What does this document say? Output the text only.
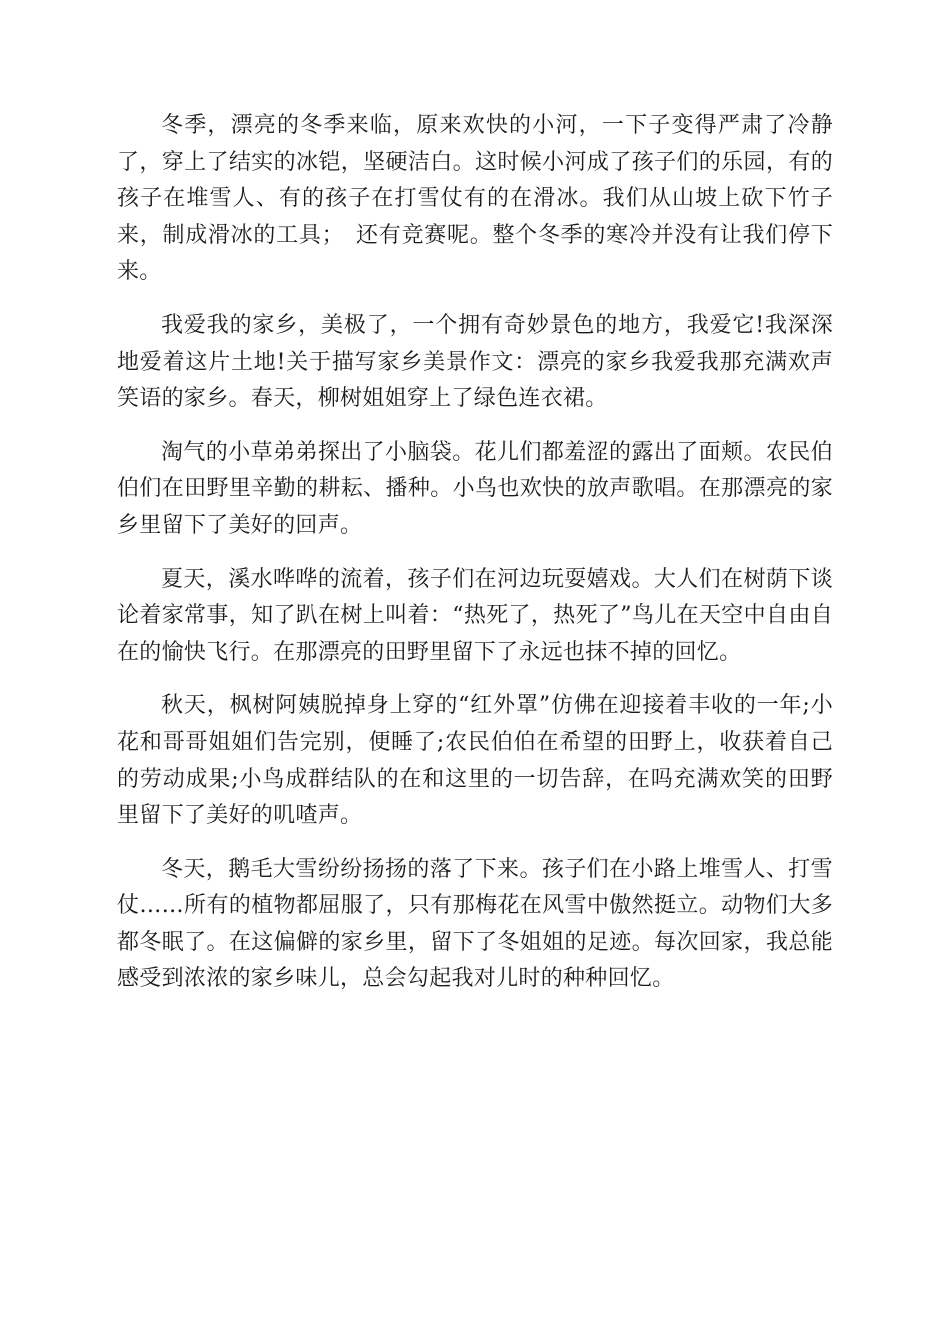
冬季，漂亮的冬季来临，原来欢快的小河，一下子变得严肃了冷静了，穿上了结实的冰铠，坚硬洁白。这时候小河成了孩子们的乐园，有的孩子在堆雪人、有的孩子在打雪仗有的在滑冰。我们从山坡上砍下竹子来，制成滑冰的工具；　还有竞赛呢。整个冬季的寒冷并没有让我们停下来。

我爱我的家乡，美极了，一个拥有奇妙景色的地方，我爱它!我深深地爱着这片土地!关于描写家乡美景作文：漂亮的家乡我爱我那充满欢声笑语的家乡。春天，柳树姐姐穿上了绿色连衣裙。

淘气的小草弟弟探出了小脑袋。花儿们都羞涩的露出了面颊。农民伯伯们在田野里辛勤的耕耘、播种。小鸟也欢快的放声歌唱。在那漂亮的家乡里留下了美好的回声。

夏天，溪水哗哗的流着，孩子们在河边玩耍嬉戏。大人们在树荫下谈论着家常事，知了趴在树上叫着：“热死了，热死了”鸟儿在天空中自由自在的愉快飞行。在那漂亮的田野里留下了永远也抹不掉的回忆。

秋天，枫树阿姨脱掉身上穿的“红外罩”仿佛在迎接着丰收的一年;小花和哥哥姐姐们告完别，便睡了;农民伯伯在希望的田野上，收获着自己的劳动成果;小鸟成群结队的在和这里的一切告辞，在吗充满欢笑的田野里留下了美好的叽喳声。

冬天，鹅毛大雪纷纷扬扬的落了下来。孩子们在小路上堆雪人、打雪仗……所有的植物都屈服了，只有那梅花在风雪中傲然挺立。动物们大多都冬眠了。在这偏僻的家乡里，留下了冬姐姐的足迹。每次回家，我总能感受到浓浓的家乡味儿，总会勾起我对儿时的种种回忆。
